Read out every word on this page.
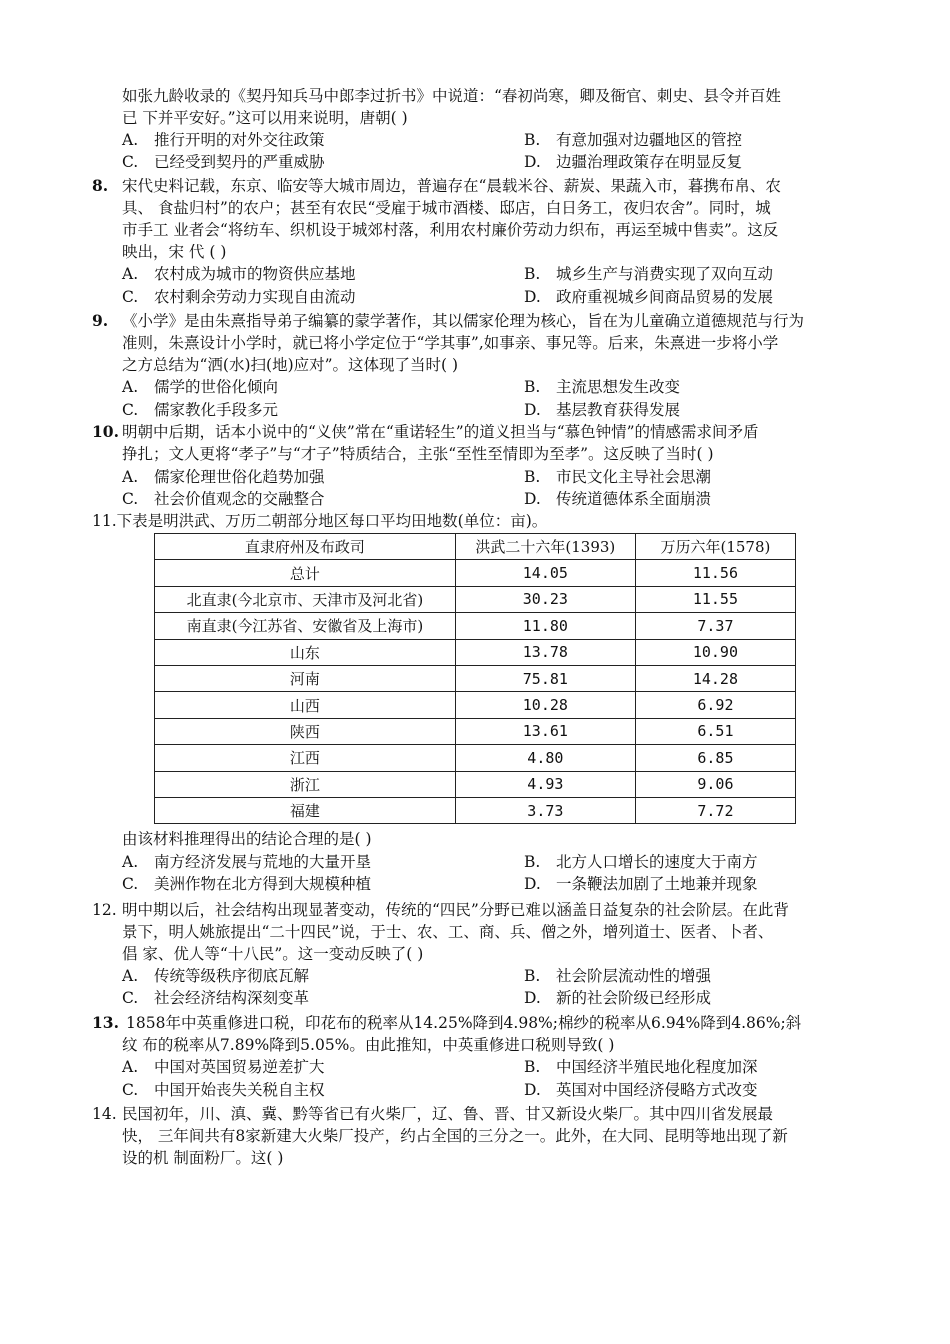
如张九龄收录的《契丹知兵马中郎李过折书》中说道：“春初尚寒，卿及衙官、刺史、县令并百姓
已 下并平安好。”这可以用来说明，唐朝( )
A. 推行开明的对外交往政策	B. 有意加强对边疆地区的管控
C. 已经受到契丹的严重威胁	D. 边疆治理政策存在明显反复
8. 宋代史料记载，东京、临安等大城市周边，普遍存在“晨载米谷、薪炭、果蔬入市，暮携布帛、农
具、 食盐归村”的农户；甚至有农民“受雇于城市酒楼、邸店，白日务工，夜归农舍”。同时，城
市手工 业者会“将纺车、织机设于城郊村落，利用农村廉价劳动力织布，再运至城中售卖”。这反
映出，宋 代 ( )
A. 农村成为城市的物资供应基地	B. 城乡生产与消费实现了双向互动
C. 农村剩余劳动力实现自由流动	D. 政府重视城乡间商品贸易的发展
9. 《小学》是由朱熹指导弟子编纂的蒙学著作，其以儒家伦理为核心，旨在为儿童确立道德规范与行为
准则，朱熹设计小学时，就已将小学定位于“学其事”,如事亲、事兄等。后来，朱熹进一步将小学
之方总结为“洒(水)扫(地)应对”。这体现了当时( )
A. 儒学的世俗化倾向	B. 主流思想发生改变
C. 儒家教化手段多元	D. 基层教育获得发展
10. 明朝中后期，话本小说中的“义侠”常在“重诺轻生”的道义担当与“慕色钟情”的情感需求间矛盾
挣扎；文人更将“孝子”与“才子”特质结合，主张“至性至情即为至孝”。这反映了当时( )
A. 儒家伦理世俗化趋势加强	B. 市民文化主导社会思潮
C. 社会价值观念的交融整合	D. 传统道德体系全面崩溃
11.下表是明洪武、万历二朝部分地区每口平均田地数(单位：亩)。
直隶府州及布政司	洪武二十六年(1393)	万历六年(1578)
总计	14.05	11.56
北直隶(今北京市、天津市及河北省)	30.23	11.55
南直隶(今江苏省、安徽省及上海市)	11.80	7.37
山东	13.78	10.90
河南	75.81	14.28
山西	10.28	6.92
陕西	13.61	6.51
江西	4.80	6.85
浙江	4.93	9.06
福建	3.73	7.72
由该材料推理得出的结论合理的是( )
A. 南方经济发展与荒地的大量开垦	B. 北方人口增长的速度大于南方
C. 美洲作物在北方得到大规模种植	D. 一条鞭法加剧了土地兼并现象
12. 明中期以后，社会结构出现显著变动，传统的“四民”分野已难以涵盖日益复杂的社会阶层。在此背
景下，明人姚旅提出“二十四民”说，于士、农、工、商、兵、僧之外，增列道士、医者、卜者、
倡 家、优人等“十八民”。这一变动反映了( )
A. 传统等级秩序彻底瓦解	B. 社会阶层流动性的增强
C. 社会经济结构深刻变革	D. 新的社会阶级已经形成
13. 1858年中英重修进口税，印花布的税率从14.25%降到4.98%;棉纱的税率从6.94%降到4.86%;斜
纹 布的税率从7.89%降到5.05%。由此推知，中英重修进口税则导致( )
A. 中国对英国贸易逆差扩大	B. 中国经济半殖民地化程度加深
C. 中国开始丧失关税自主权	D. 英国对中国经济侵略方式改变
14. 民国初年，川、滇、冀、黔等省已有火柴厂，辽、鲁、晋、甘又新设火柴厂。其中四川省发展最
快， 三年间共有8家新建大火柴厂投产，约占全国的三分之一。此外，在大同、昆明等地出现了新
设的机 制面粉厂。这( )
